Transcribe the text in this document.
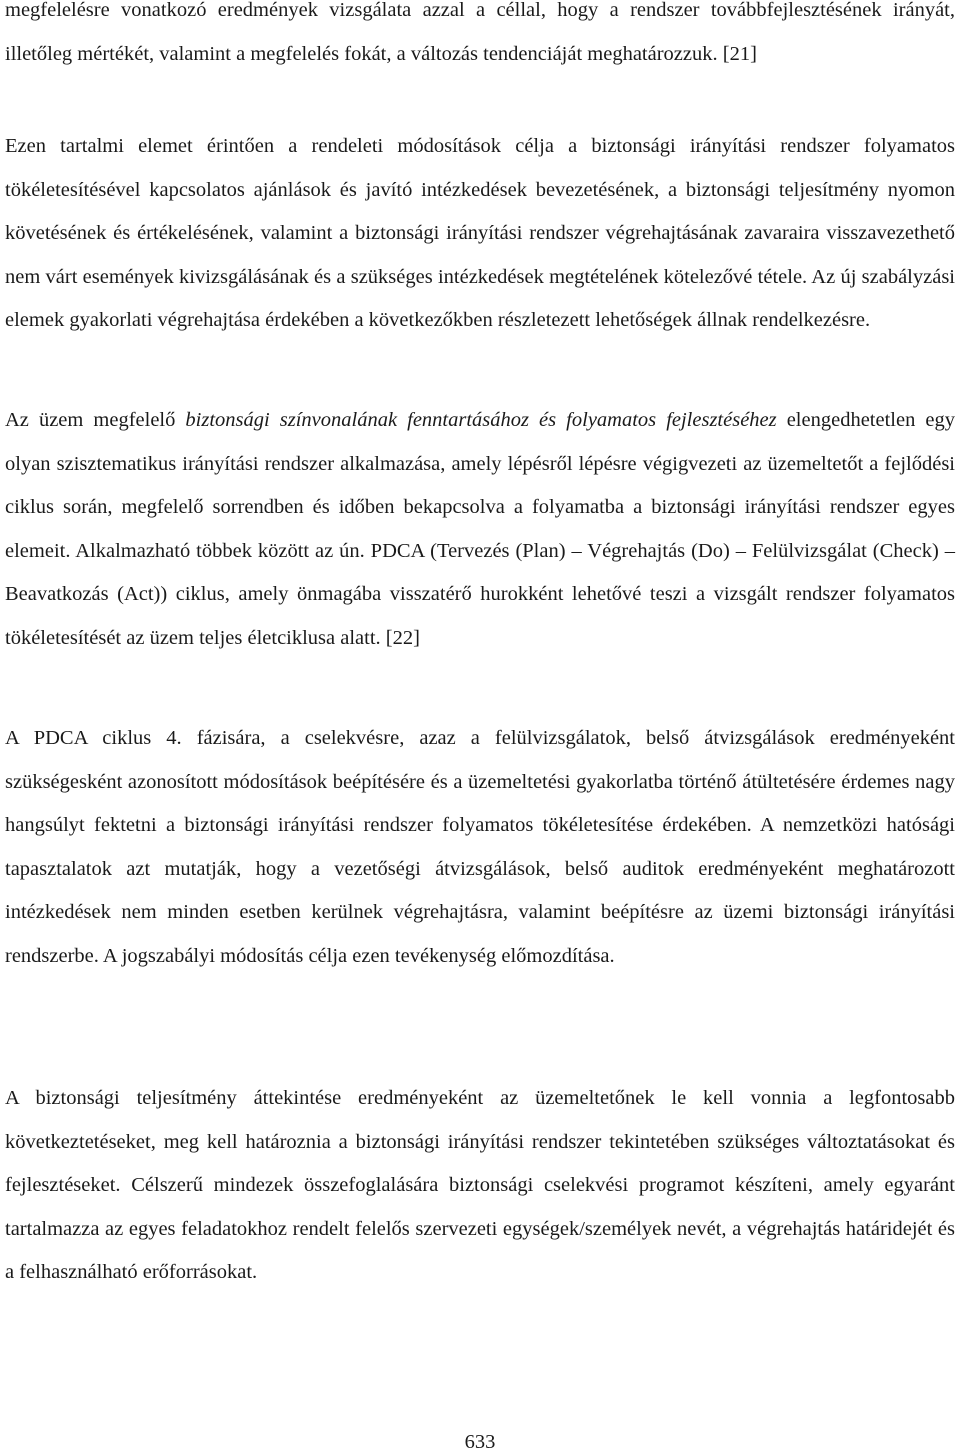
megfelelésre vonatkozó eredmények vizsgálata azzal a céllal, hogy a rendszer továbbfejlesztésének irányát, illetőleg mértékét, valamint a megfelelés fokát, a változás tendenciáját meghatározzuk. [21]

Ezen tartalmi elemet érintően a rendeleti módosítások célja a biztonsági irányítási rendszer folyamatos tökéletesítésével kapcsolatos ajánlások és javító intézkedések bevezetésének, a biztonsági teljesítmény nyomon követésének és értékelésének, valamint a biztonsági irányítási rendszer végrehajtásának zavaraira visszavezethető nem várt események kivizsgálásának és a szükséges intézkedések megtételének kötelezővé tétele. Az új szabályzási elemek gyakorlati végrehajtása érdekében a következőkben részletezett lehetőségek állnak rendelkezésre.

Az üzem megfelelő biztonsági színvonalának fenntartásához és folyamatos fejlesztéséhez elengedhetetlen egy olyan szisztematikus irányítási rendszer alkalmazása, amely lépésről lépésre végigvezeti az üzemeltetőt a fejlődési ciklus során, megfelelő sorrendben és időben bekapcsolva a folyamatba a biztonsági irányítási rendszer egyes elemeit. Alkalmazható többek között az ún. PDCA (Tervezés (Plan) – Végrehajtás (Do) – Felülvizsgálat (Check) – Beavatkozás (Act)) ciklus, amely önmagába visszatérő hurokként lehetővé teszi a vizsgált rendszer folyamatos tökéletesítését az üzem teljes életciklusa alatt. [22]

A PDCA ciklus 4. fázisára, a cselekvésre, azaz a felülvizsgálatok, belső átvizsgálások eredményeként szükségesként azonosított módosítások beépítésére és a üzemeltetési gyakorlatba történő átültetésére érdemes nagy hangsúlyt fektetni a biztonsági irányítási rendszer folyamatos tökéletesítése érdekében. A nemzetközi hatósági tapasztalatok azt mutatják, hogy a vezetőségi átvizsgálások, belső auditok eredményeként meghatározott intézkedések nem minden esetben kerülnek végrehajtásra, valamint beépítésre az üzemi biztonsági irányítási rendszerbe. A jogszabályi módosítás célja ezen tevékenység előmozdítása.

A biztonsági teljesítmény áttekintése eredményeként az üzemeltetőnek le kell vonnia a legfontosabb következtetéseket, meg kell határoznia a biztonsági irányítási rendszer tekintetében szükséges változtatásokat és fejlesztéseket. Célszerű mindezek összefoglalására biztonsági cselekvési programot készíteni, amely egyaránt tartalmazza az egyes feladatokhoz rendelt felelős szervezeti egységek/személyek nevét, a végrehajtás határidejét és a felhasználható erőforrásokat.

633
